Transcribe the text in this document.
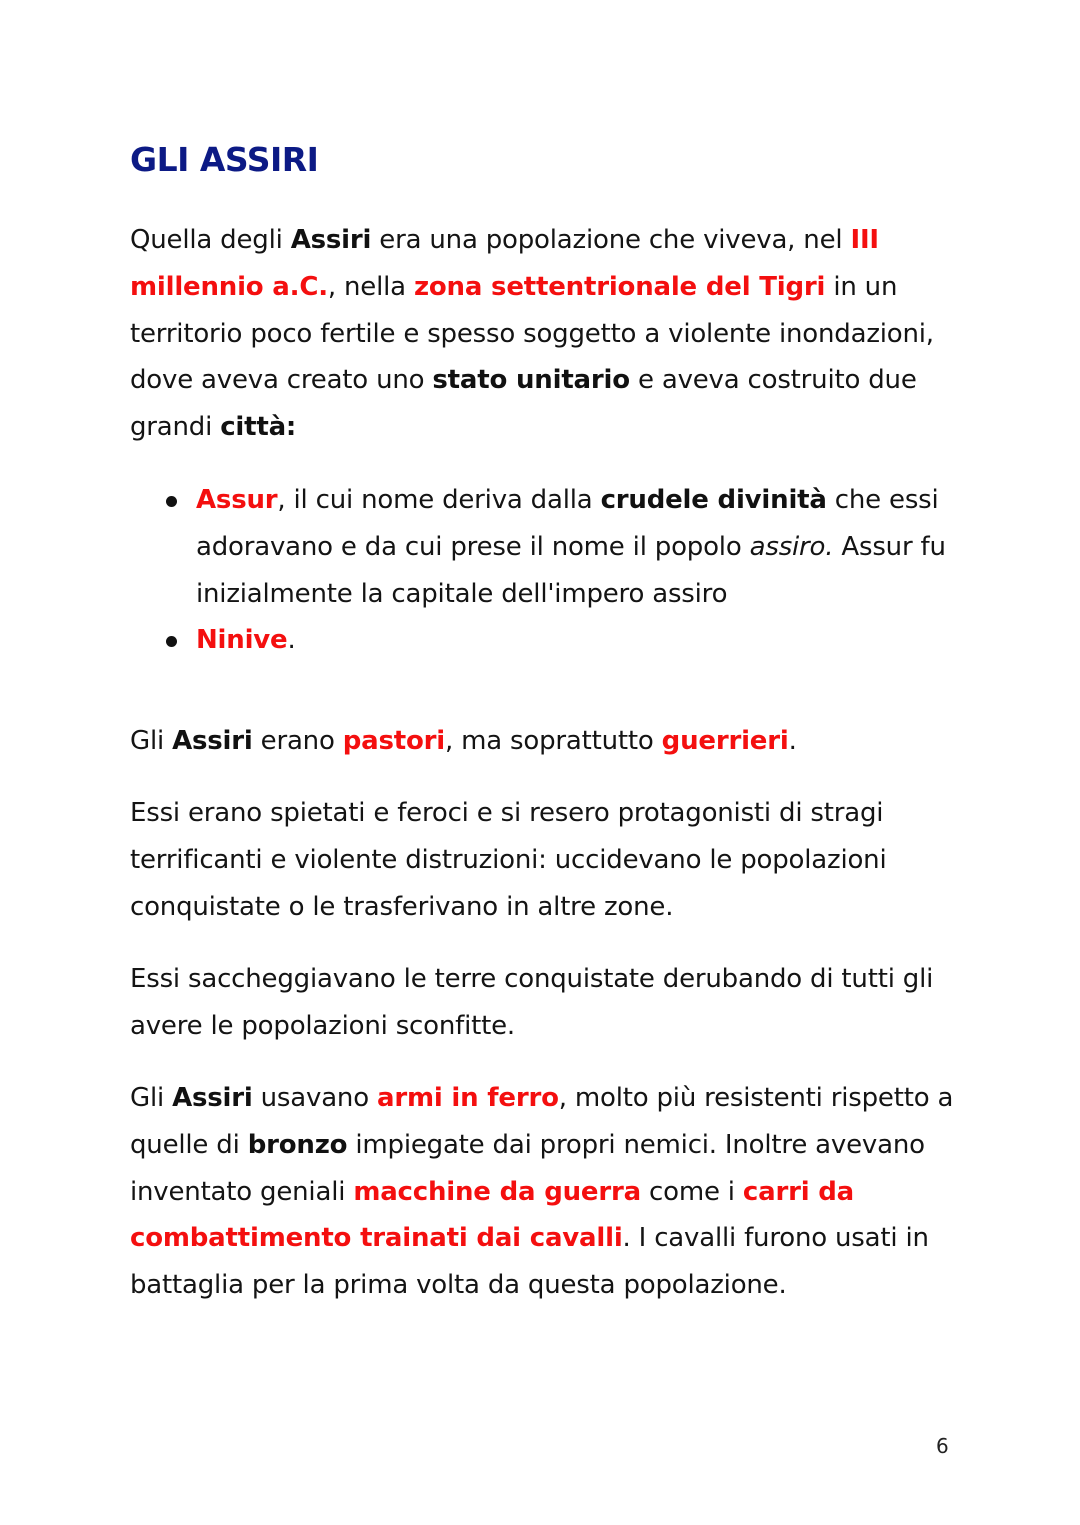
GLI ASSIRI

Quella degli Assiri era una popolazione che viveva, nel III millennio a.C., nella zona settentrionale del Tigri in un territorio poco fertile e spesso soggetto a violente inondazioni, dove aveva creato uno stato unitario e aveva costruito due grandi città:

Assur, il cui nome deriva dalla crudele divinità che essi adoravano e da cui prese il nome il popolo assiro. Assur fu inizialmente la capitale dell'impero assiro
Ninive.

Gli Assiri erano pastori, ma soprattutto guerrieri.

Essi erano spietati e feroci e si resero protagonisti di stragi terrificanti e violente distruzioni: uccidevano le popolazioni conquistate o le trasferivano in altre zone.

Essi saccheggiavano le terre conquistate derubando di tutti gli avere le popolazioni sconfitte.

Gli Assiri usavano armi in ferro, molto più resistenti rispetto a quelle di bronzo impiegate dai propri nemici. Inoltre avevano inventato geniali macchine da guerra come i carri da combattimento trainati dai cavalli. I cavalli furono usati in battaglia per la prima volta da questa popolazione.

6
